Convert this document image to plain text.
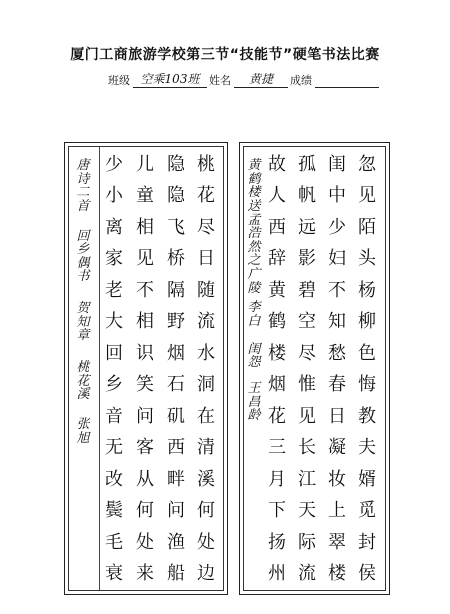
厦门工商旅游学校第三节“技能节”硬笔书法比赛
班级 空乘103班 姓名	黄捷	成绩
唐诗二首
回乡偶书
贺知章
桃花溪
张旭
少
小
离
家
老
大
回
乡
音
无
改
鬓
毛
衰
儿
童
相
见
不
相
识
笑
问
客
从
何
处
来
隐
隐
飞
桥
隔
野
烟
石
矶
西
畔
问
渔
船
桃
花
尽
日
随
流
水
洞
在
清
溪
何
处
边
黄鹤楼送孟浩然之广陵
李白
闺怨
王昌龄
故
人
西
辞
黄
鹤
楼
烟
花
三
月
下
扬
州
孤
帆
远
影
碧
空
尽
惟
见
长
江
天
际
流
闺
中
少
妇
不
知
愁
春
日
凝
妆
上
翠
楼
忽
见
陌
头
杨
柳
色
悔
教
夫
婿
觅
封
侯
